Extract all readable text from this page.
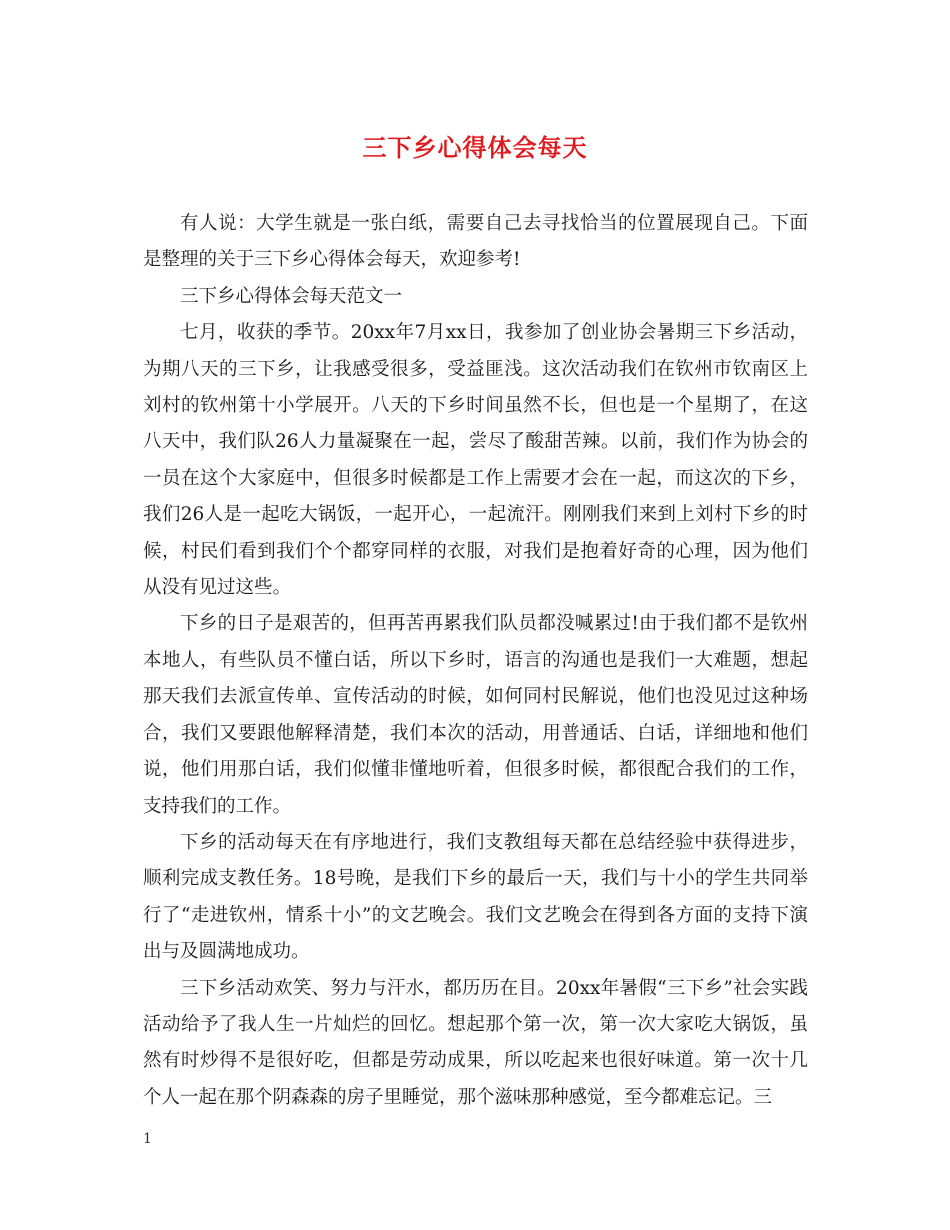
三下乡心得体会每天

有人说：大学生就是一张白纸，需要自己去寻找恰当的位置展现自己。下面是整理的关于三下乡心得体会每天，欢迎参考!

三下乡心得体会每天范文一

七月，收获的季节。20xx年7月xx日，我参加了创业协会暑期三下乡活动，为期八天的三下乡，让我感受很多，受益匪浅。这次活动我们在钦州市钦南区上刘村的钦州第十小学展开。八天的下乡时间虽然不长，但也是一个星期了，在这八天中，我们队26人力量凝聚在一起，尝尽了酸甜苦辣。以前，我们作为协会的一员在这个大家庭中，但很多时候都是工作上需要才会在一起，而这次的下乡，我们26人是一起吃大锅饭，一起开心，一起流汗。刚刚我们来到上刘村下乡的时候，村民们看到我们个个都穿同样的衣服，对我们是抱着好奇的心理，因为他们从没有见过这些。

下乡的日子是艰苦的，但再苦再累我们队员都没喊累过!由于我们都不是钦州本地人，有些队员不懂白话，所以下乡时，语言的沟通也是我们一大难题，想起那天我们去派宣传单、宣传活动的时候，如何同村民解说，他们也没见过这种场合，我们又要跟他解释清楚，我们本次的活动，用普通话、白话，详细地和他们说，他们用那白话，我们似懂非懂地听着，但很多时候，都很配合我们的工作，支持我们的工作。

下乡的活动每天在有序地进行，我们支教组每天都在总结经验中获得进步，顺利完成支教任务。18号晚，是我们下乡的最后一天，我们与十小的学生共同举行了“走进钦州，情系十小”的文艺晚会。我们文艺晚会在得到各方面的支持下演出与及圆满地成功。

三下乡活动欢笑、努力与汗水，都历历在目。20xx年暑假“三下乡”社会实践活动给予了我人生一片灿烂的回忆。想起那个第一次，第一次大家吃大锅饭，虽然有时炒得不是很好吃，但都是劳动成果，所以吃起来也很好味道。第一次十几个人一起在那个阴森森的房子里睡觉，那个滋味那种感觉，至今都难忘记。三

1
